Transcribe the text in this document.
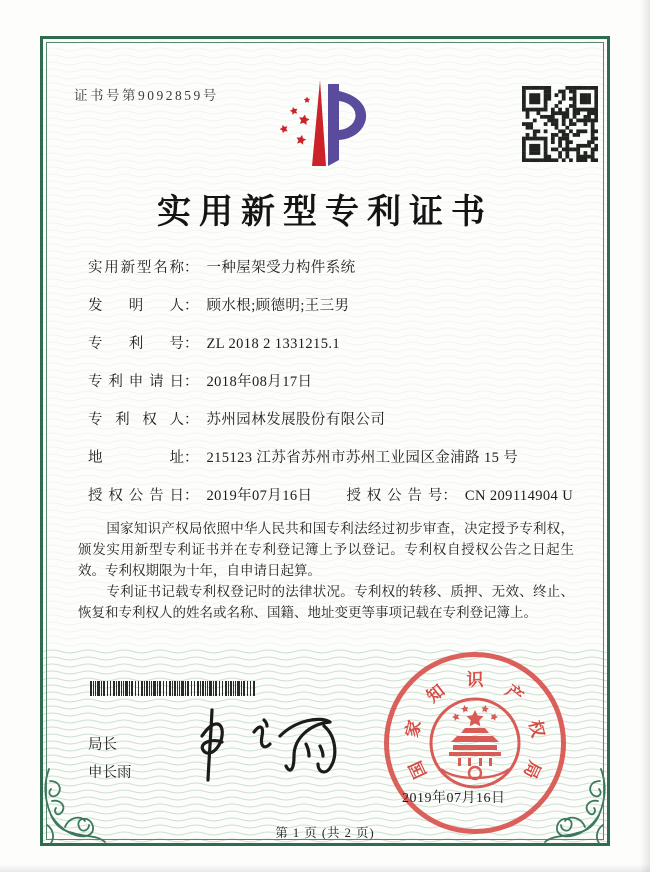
证书号第9092859号
实用新型专利证书
实用新型名称： 一种屋架受力构件系统
发明人： 顾水根;顾德明;王三男
专利号： ZL 2018 2 1331215.1
专利申请日： 2018年08月17日
专利权人： 苏州园林发展股份有限公司
地址： 215123 江苏省苏州市苏州工业园区金浦路 15 号
授权公告日： 2019年07月16日 授权公告号： CN 209114904 U

国家知识产权局依照中华人民共和国专利法经过初步审查，决定授予专利权，颁发实用新型专利证书并在专利登记簿上予以登记。专利权自授权公告之日起生效。专利权期限为十年，自申请日起算。

专利证书记载专利权登记时的法律状况。专利权的转移、质押、无效、终止、恢复和专利权人的姓名或名称、国籍、地址变更等事项记载在专利登记簿上。

局长
申长雨	国
家
知
识
产
权
局
2019年07月16日
第 1 页 (共 2 页)
